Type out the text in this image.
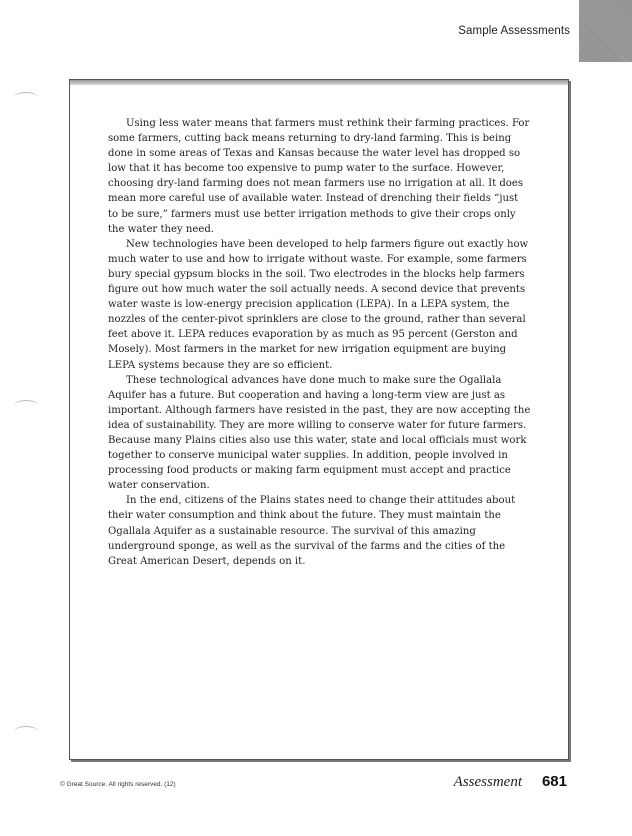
Sample Assessments

Using less water means that farmers must rethink their farming practices. For some farmers, cutting back means returning to dry-land farming. This is being done in some areas of Texas and Kansas because the water level has dropped so low that it has become too expensive to pump water to the surface. However, choosing dry-land farming does not mean farmers use no irrigation at all. It does mean more careful use of available water. Instead of drenching their fields “just to be sure,” farmers must use better irrigation methods to give their crops only the water they need.

New technologies have been developed to help farmers figure out exactly how much water to use and how to irrigate without waste. For example, some farmers bury special gypsum blocks in the soil. Two electrodes in the blocks help farmers figure out how much water the soil actually needs. A second device that prevents water waste is low-energy precision application (LEPA). In a LEPA system, the nozzles of the center-pivot sprinklers are close to the ground, rather than several feet above it. LEPA reduces evaporation by as much as 95 percent (Gerston and Mosely). Most farmers in the market for new irrigation equipment are buying LEPA systems because they are so efficient.

These technological advances have done much to make sure the Ogallala Aquifer has a future. But cooperation and having a long-term view are just as important. Although farmers have resisted in the past, they are now accepting the idea of sustainability. They are more willing to conserve water for future farmers. Because many Plains cities also use this water, state and local officials must work together to conserve municipal water supplies. In addition, people involved in processing food products or making farm equipment must accept and practice water conservation.

In the end, citizens of the Plains states need to change their attitudes about their water consumption and think about the future. They must maintain the Ogallala Aquifer as a sustainable resource. The survival of this amazing underground sponge, as well as the survival of the farms and the cities of the Great American Desert, depends on it.

© Great Source. All rights reserved. (12)	Assessment 681
